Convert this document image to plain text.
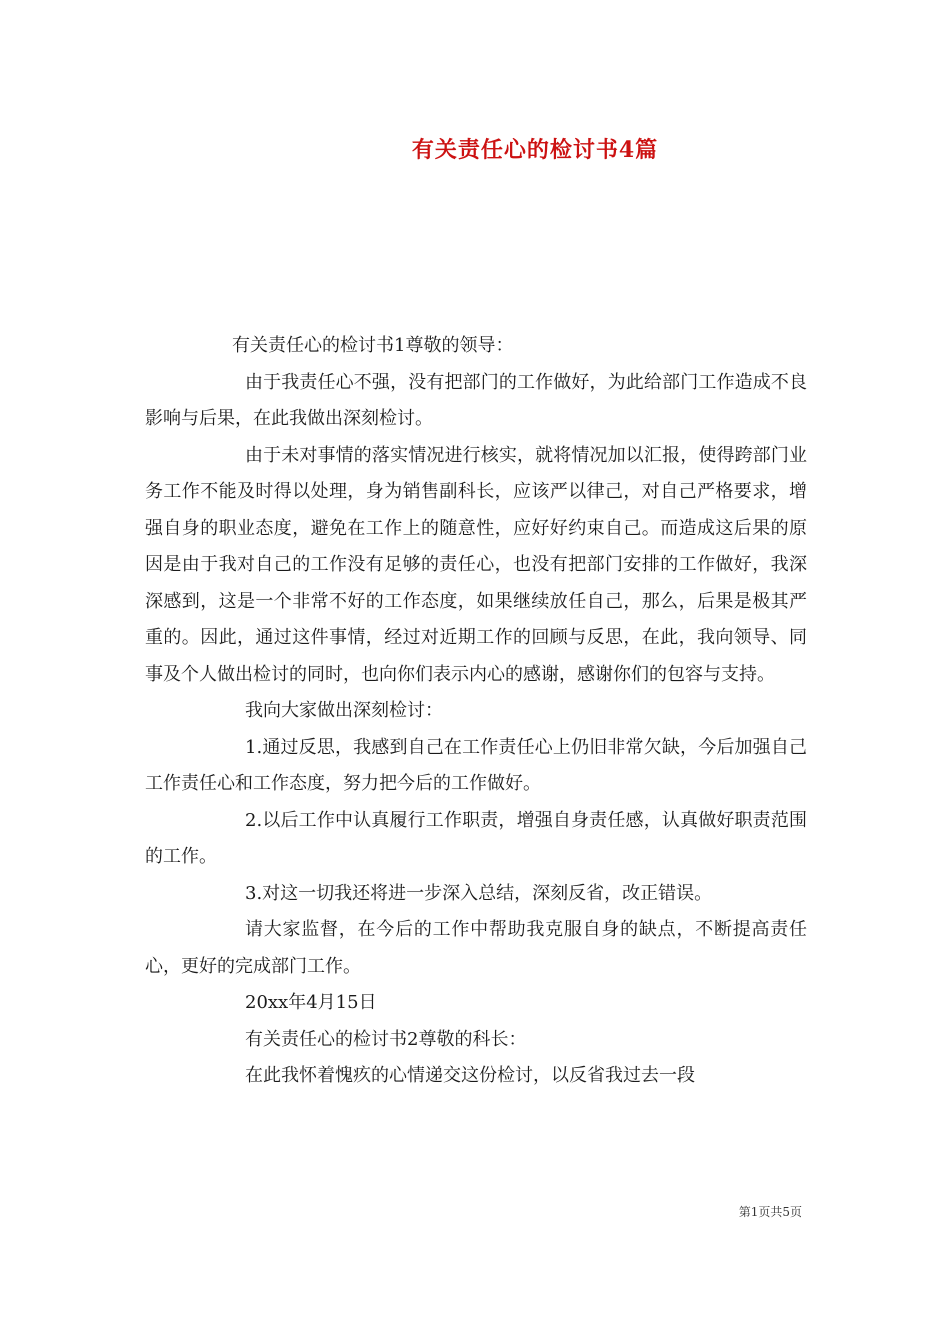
有关责任心的检讨书4篇

有关责任心的检讨书1尊敬的领导：

由于我责任心不强，没有把部门的工作做好，为此给部门工作造成不良影响与后果，在此我做出深刻检讨。

由于未对事情的落实情况进行核实，就将情况加以汇报，使得跨部门业务工作不能及时得以处理，身为销售副科长，应该严以律己，对自己严格要求，增强自身的职业态度，避免在工作上的随意性，应好好约束自己。而造成这后果的原因是由于我对自己的工作没有足够的责任心，也没有把部门安排的工作做好，我深深感到，这是一个非常不好的工作态度，如果继续放任自己，那么，后果是极其严重的。因此，通过这件事情，经过对近期工作的回顾与反思，在此，我向领导、同事及个人做出检讨的同时，也向你们表示内心的感谢，感谢你们的包容与支持。

我向大家做出深刻检讨：

1.通过反思，我感到自己在工作责任心上仍旧非常欠缺，今后加强自己工作责任心和工作态度，努力把今后的工作做好。

2.以后工作中认真履行工作职责，增强自身责任感，认真做好职责范围的工作。

3.对这一切我还将进一步深入总结，深刻反省，改正错误。

请大家监督，在今后的工作中帮助我克服自身的缺点，不断提高责任心，更好的完成部门工作。

20xx年4月15日

有关责任心的检讨书2尊敬的科长：

在此我怀着愧疚的心情递交这份检讨，以反省我过去一段

第1页共5页
